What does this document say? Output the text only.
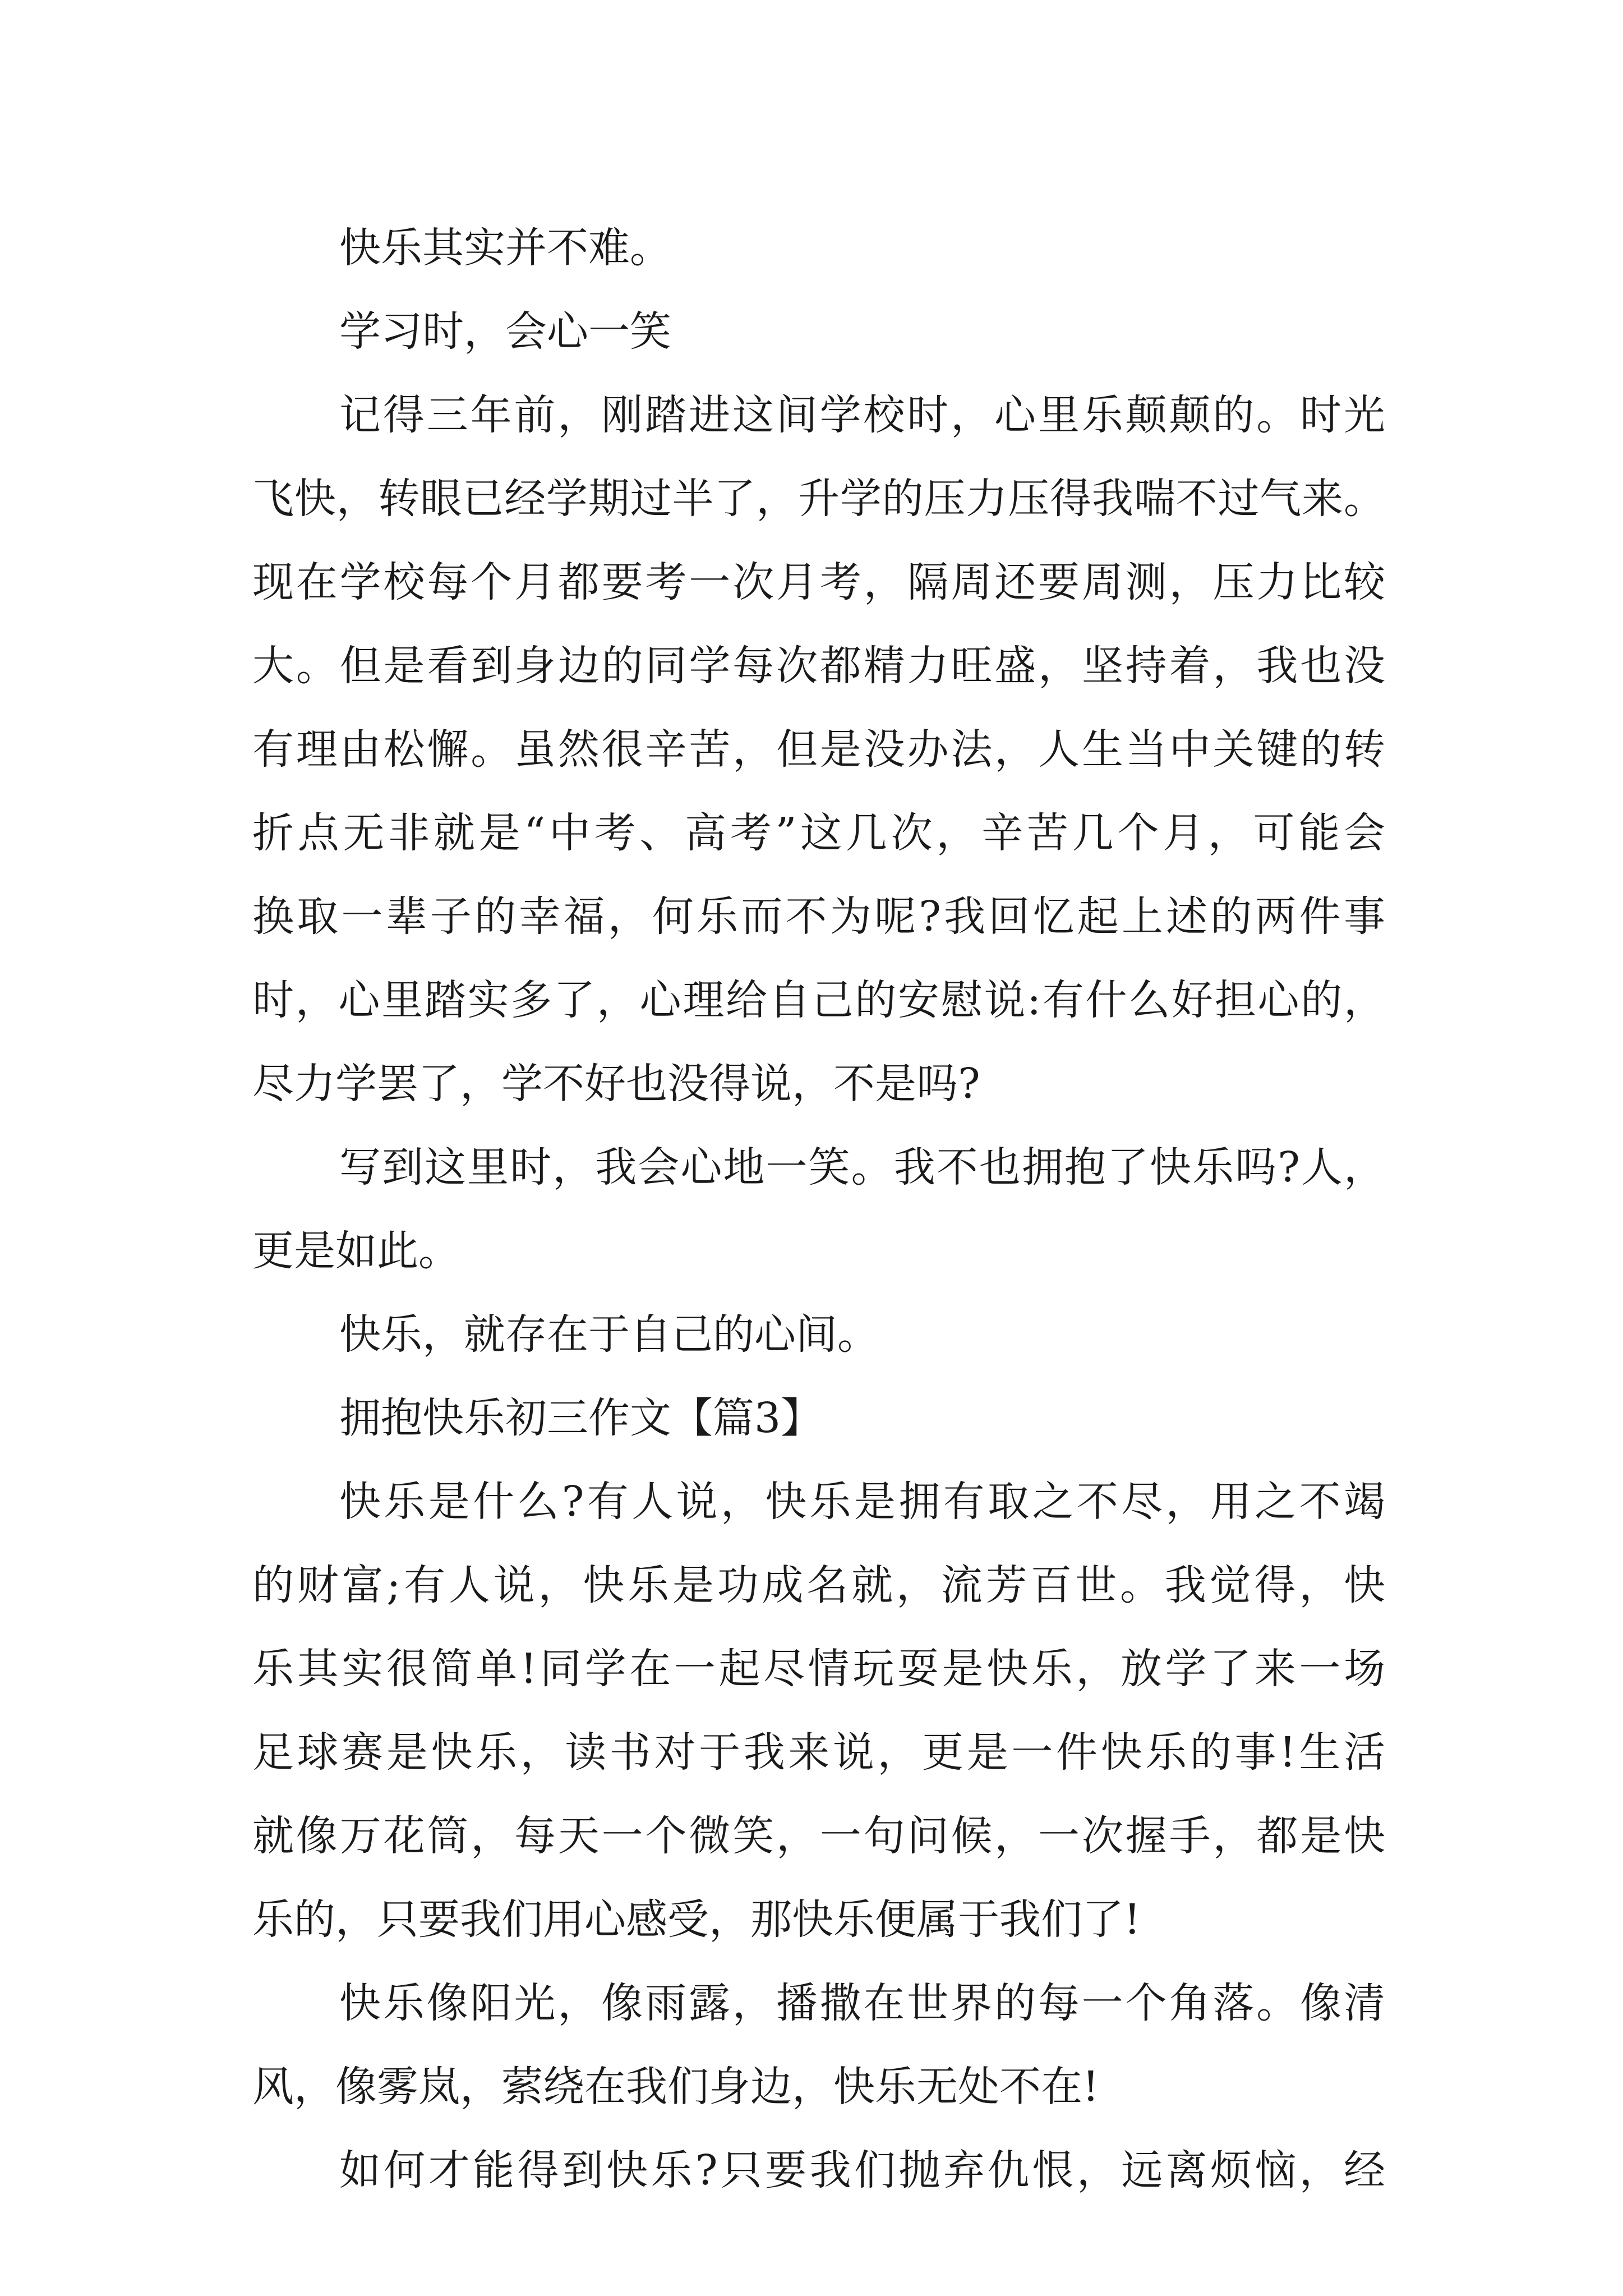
快乐其实并不难。
学习时，会心一笑
记得三年前，刚踏进这间学校时，心里乐颠颠的。时光
飞快，转眼已经学期过半了，升学的压力压得我喘不过气来。
现在学校每个月都要考一次月考，隔周还要周测，压力比较
大。但是看到身边的同学每次都精力旺盛，坚持着，我也没
有理由松懈。虽然很辛苦，但是没办法，人生当中关键的转
折点无非就是“中考、高考”这几次，辛苦几个月，可能会
换取一辈子的幸福，何乐而不为呢?我回忆起上述的两件事
时，心里踏实多了，心理给自己的安慰说:有什么好担心的，
尽力学罢了，学不好也没得说，不是吗?
写到这里时，我会心地一笑。我不也拥抱了快乐吗?人，
更是如此。
快乐，就存在于自己的心间。
拥抱快乐初三作文【篇3】
快乐是什么?有人说，快乐是拥有取之不尽，用之不竭
的财富;有人说，快乐是功成名就，流芳百世。我觉得，快
乐其实很简单!同学在一起尽情玩耍是快乐，放学了来一场
足球赛是快乐，读书对于我来说，更是一件快乐的事!生活
就像万花筒，每天一个微笑，一句问候，一次握手，都是快
乐的，只要我们用心感受，那快乐便属于我们了!
快乐像阳光，像雨露，播撒在世界的每一个角落。像清
风，像雾岚，萦绕在我们身边，快乐无处不在!
如何才能得到快乐?只要我们抛弃仇恨，远离烦恼，经
